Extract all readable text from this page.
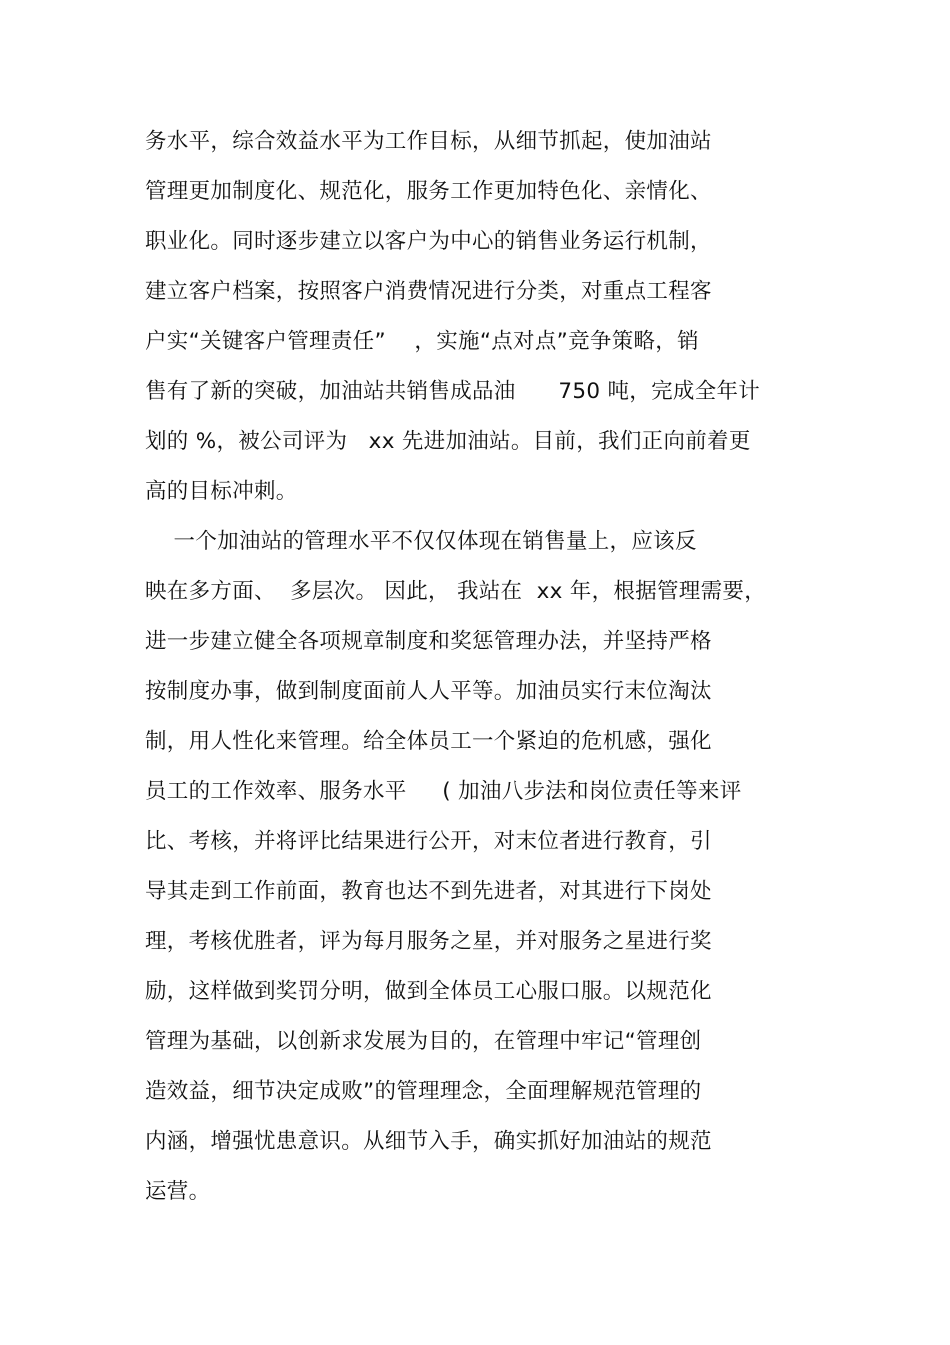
务水平，综合效益水平为工作目标，从细节抓起，使加油站
管理更加制度化、规范化，服务工作更加特色化、亲情化、
职业化。同时逐步建立以客户为中心的销售业务运行机制，
建立客户档案，按照客户消费情况进行分类，对重点工程客
户实“关键客户管理责任”    ，实施“点对点”竞争策略，销
售有了新的突破，加油站共销售成品油      750 吨，完成全年计
划的 %，被公司评为   xx 先进加油站。目前，我们正向前着更
高的目标冲刺。
一个加油站的管理水平不仅仅体现在销售量上，应该反
映在多方面、  多层次。 因此， 我站在  xx 年，根据管理需要，
进一步建立健全各项规章制度和奖惩管理办法，并坚持严格
按制度办事，做到制度面前人人平等。加油员实行末位淘汰
制，用人性化来管理。给全体员工一个紧迫的危机感，强化
员工的工作效率、服务水平     ( 加油八步法和岗位责任等来评
比、考核，并将评比结果进行公开，对末位者进行教育，引
导其走到工作前面，教育也达不到先进者，对其进行下岗处
理，考核优胜者，评为每月服务之星，并对服务之星进行奖
励，这样做到奖罚分明，做到全体员工心服口服。以规范化
管理为基础，以创新求发展为目的，在管理中牢记“管理创
造效益，细节决定成败”的管理理念，全面理解规范管理的
内涵，增强忧患意识。从细节入手，确实抓好加油站的规范
运营。
